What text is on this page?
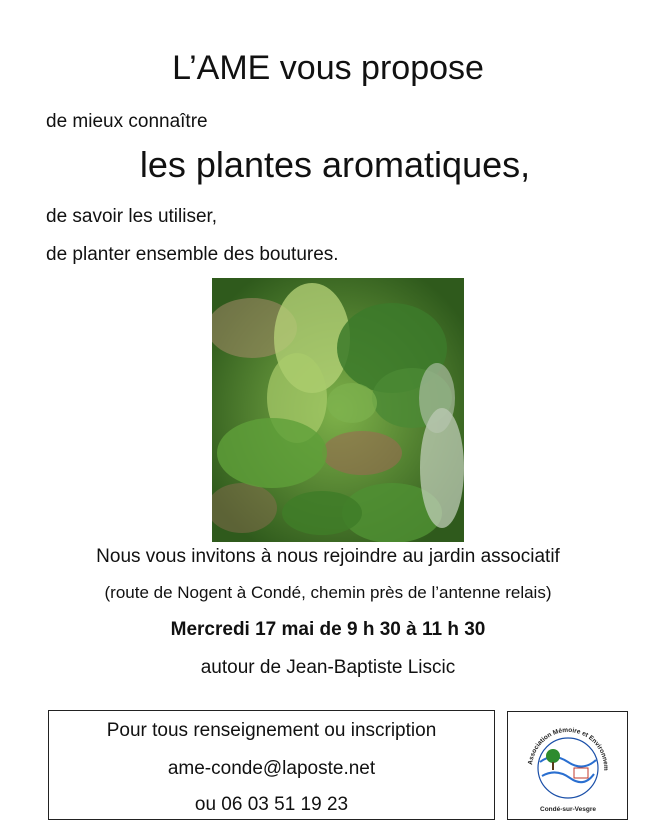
L’AME vous propose
de mieux connaître
les plantes aromatiques,
de savoir les utiliser,
de planter ensemble des boutures.
Nous vous invitons à nous rejoindre au jardin associatif
(route de Nogent à Condé, chemin près de l’antenne relais)
Mercredi 17 mai de 9 h 30 à 11 h 30
autour de Jean-Baptiste Liscic
Pour tous renseignement ou inscription
ame-conde@laposte.net
ou 06 03 51 19 23
Association Mémoire et Environnem
Condé-sur-Vesgre
